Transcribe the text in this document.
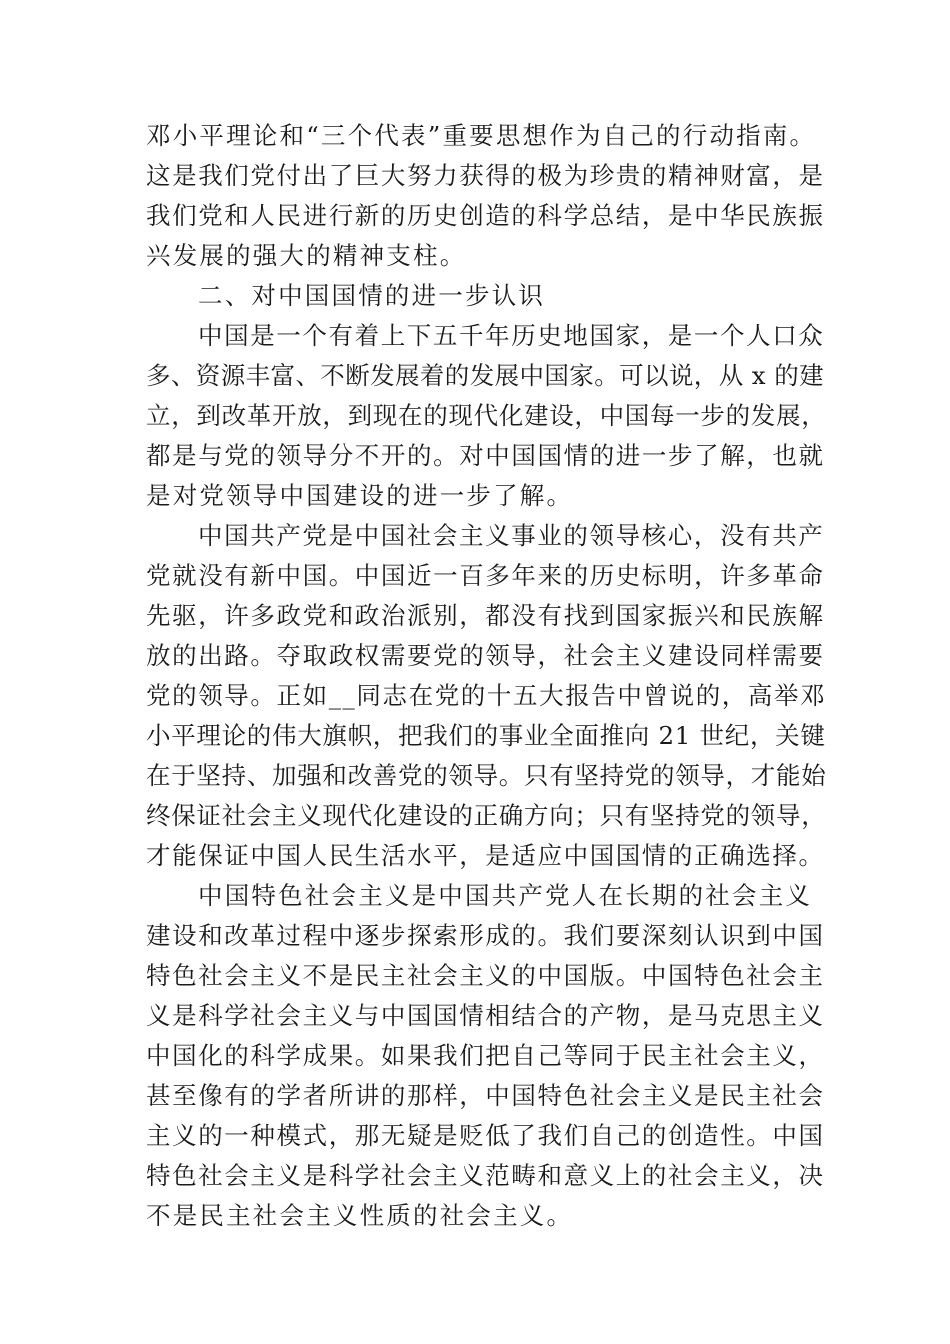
邓小平理论和“三个代表”重要思想作为自己的行动指南。
这是我们党付出了巨大努力获得的极为珍贵的精神财富，是
我们党和人民进行新的历史创造的科学总结，是中华民族振
兴发展的强大的精神支柱。
二、对中国国情的进一步认识
中国是一个有着上下五千年历史地国家，是一个人口众
多、资源丰富、不断发展着的发展中国家。可以说，从 x 的建
立，到改革开放，到现在的现代化建设，中国每一步的发展，
都是与党的领导分不开的。对中国国情的进一步了解，也就
是对党领导中国建设的进一步了解。
中国共产党是中国社会主义事业的领导核心，没有共产
党就没有新中国。中国近一百多年来的历史标明，许多革命
先驱，许多政党和政治派别，都没有找到国家振兴和民族解
放的出路。夺取政权需要党的领导，社会主义建设同样需要
党的领导。正如__同志在党的十五大报告中曾说的，高举邓
小平理论的伟大旗帜，把我们的事业全面推向 21 世纪，关键
在于坚持、加强和改善党的领导。只有坚持党的领导，才能始
终保证社会主义现代化建设的正确方向；只有坚持党的领导，
才能保证中国人民生活水平，是适应中国国情的正确选择。
中国特色社会主义是中国共产党人在长期的社会主义
建设和改革过程中逐步探索形成的。我们要深刻认识到中国
特色社会主义不是民主社会主义的中国版。中国特色社会主
义是科学社会主义与中国国情相结合的产物，是马克思主义
中国化的科学成果。如果我们把自己等同于民主社会主义，
甚至像有的学者所讲的那样，中国特色社会主义是民主社会
主义的一种模式，那无疑是贬低了我们自己的创造性。中国
特色社会主义是科学社会主义范畴和意义上的社会主义，决
不是民主社会主义性质的社会主义。
